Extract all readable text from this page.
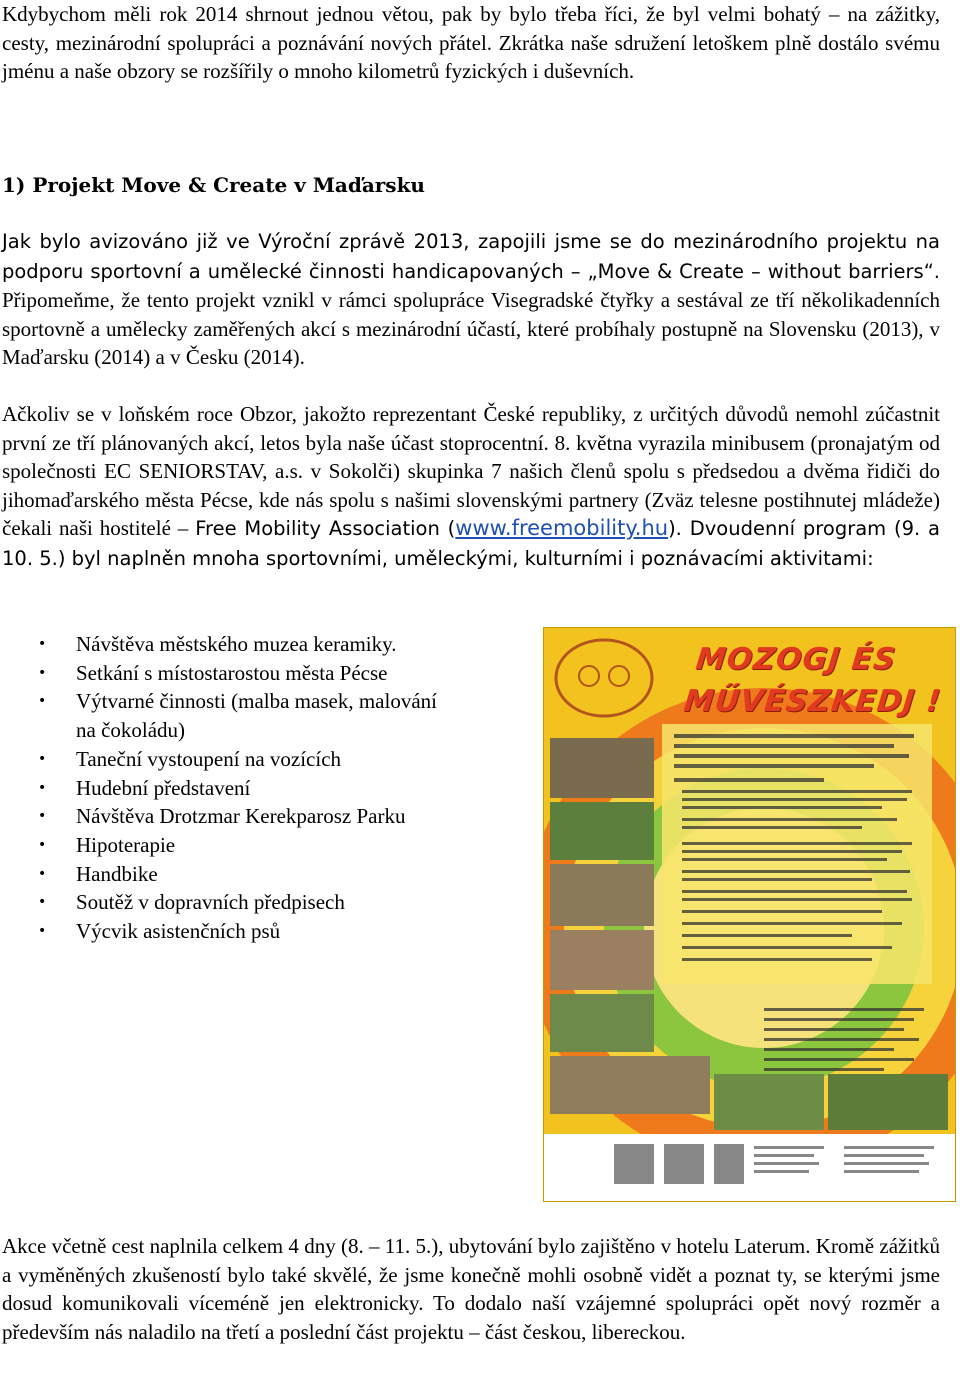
Kdybychom měli rok 2014 shrnout jednou větou, pak by bylo třeba říci, že byl velmi bohatý – na zážitky, cesty, mezinárodní spolupráci a poznávání nových přátel. Zkrátka naše sdružení letoškem plně dostálo svému jménu a naše obzory se rozšířily o mnoho kilometrů fyzických i duševních.

1) Projekt Move & Create v Maďarsku

Jak bylo avizováno již ve Výroční zprávě 2013, zapojili jsme se do mezinárodního projektu na podporu sportovní a umělecké činnosti handicapovaných – „Move & Create – without barriers“. Připomeňme, že tento projekt vznikl v rámci spolupráce Visegradské čtyřky a sestával ze tří několikadenních sportovně a umělecky zaměřených akcí s mezinárodní účastí, které probíhaly postupně na Slovensku (2013), v Maďarsku (2014) a v Česku (2014).

Ačkoliv se v loňském roce Obzor, jakožto reprezentant České republiky, z určitých důvodů nemohl zúčastnit první ze tří plánovaných akcí, letos byla naše účast stoprocentní. 8. května vyrazila minibusem (pronajatým od společnosti EC SENIORSTAV, a.s. v Sokolči) skupinka 7 našich členů spolu s předsedou a dvěma řidiči do jihomaďarského města Pécse, kde nás spolu s našimi slovenskými partnery (Zväz telesne postihnutej mládeže) čekali naši hostitelé – Free Mobility Association (www.freemobility.hu). Dvoudenní program (9. a 10. 5.) byl naplněn mnoha sportovními, uměleckými, kulturními i poznávacími aktivitami:

• Návštěva městského muzea keramiky.
• Setkání s místostarostou města Pécse
• Výtvarné činnosti (malba masek, malování na čokoládu)
• Taneční vystoupení na vozících
• Hudební představení
• Návštěva Drotzmar Kerekparosz Parku
• Hipoterapie
• Handbike
• Soutěž v dopravních předpisech
• Výcvik asistenčních psů
MOZOGJ ÉS
MŰVÉSZKEDJ !

Akce včetně cest naplnila celkem 4 dny (8. – 11. 5.), ubytování bylo zajištěno v hotelu Laterum. Kromě zážitků a vyměněných zkušeností bylo také skvělé, že jsme konečně mohli osobně vidět a poznat ty, se kterými jsme dosud komunikovali víceméně jen elektronicky. To dodalo naší vzájemné spolupráci opět nový rozměr a především nás naladilo na třetí a poslední část projektu – část českou, libereckou.
